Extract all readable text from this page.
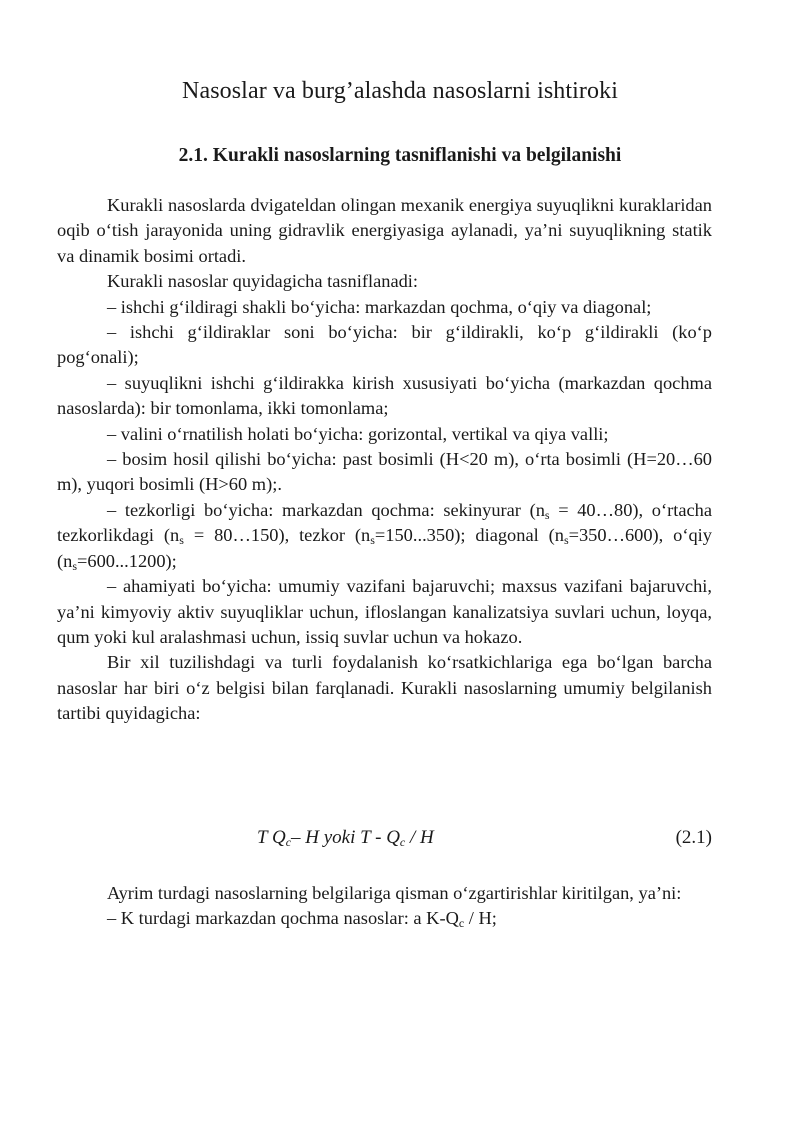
Nasoslar va burg’alashda nasoslarni ishtiroki
2.1. Kurakli nasoslarning tasniflanishi va belgilanishi

Kurakli nasoslarda dvigateldan olingan mexanik energiya suyuqlikni kuraklaridan oqib o‘tish jarayonida uning gidravlik energiyasiga aylanadi, ya’ni suyuqlikning statik va dinamik bosimi ortadi.

Kurakli nasoslar quyidagicha tasniflanadi:

– ishchi g‘ildiragi shakli bo‘yicha: markazdan qochma, o‘qiy va diagonal;

– ishchi g‘ildiraklar soni bo‘yicha: bir g‘ildirakli, ko‘p g‘ildirakli (ko‘p pog‘onali);

– suyuqlikni ishchi g‘ildirakka kirish xususiyati bo‘yicha (markazdan qochma nasoslarda): bir tomonlama, ikki tomonlama;

– valini o‘rnatilish holati bo‘yicha: gorizontal, vertikal va qiya valli;

– bosim hosil qilishi bo‘yicha: past bosimli (H<20 m), o‘rta bosimli (H=20…60 m), yuqori bosimli (H>60 m);.

– tezkorligi bo‘yicha: markazdan qochma: sekinyurar ($n_s$ = 40…80), o‘rtacha tezkorlikdagi ($n_s$ = 80…150), tezkor $(n_s=150...350)$; diagonal $(n_s=350\dots 600)$, o‘qiy $(n_s=600...1200)$;

– ahamiyati bo‘yicha: umumiy vazifani bajaruvchi; maxsus vazifani bajaruvchi, ya’ni kimyoviy aktiv suyuqliklar uchun, ifloslangan kanalizatsiya suvlari uchun, loyqa, qum yoki kul aralashmasi uchun, issiq suvlar uchun va hokazo.

Bir xil tuzilishdagi va turli foydalanish ko‘rsatkichlariga ega bo‘lgan barcha nasoslar har biri o‘z belgisi bilan farqlanadi. Kurakli nasoslarning umumiy belgilanish tartibi quyidagicha:

T $Q_c-$ H yoki T - $Q_c$ / H	(2.1)

Ayrim turdagi nasoslarning belgilariga qisman o‘zgartirishlar kiritilgan, ya’ni:

– K turdagi markazdan qochma nasoslar: a $K-Q_c$ / H;
